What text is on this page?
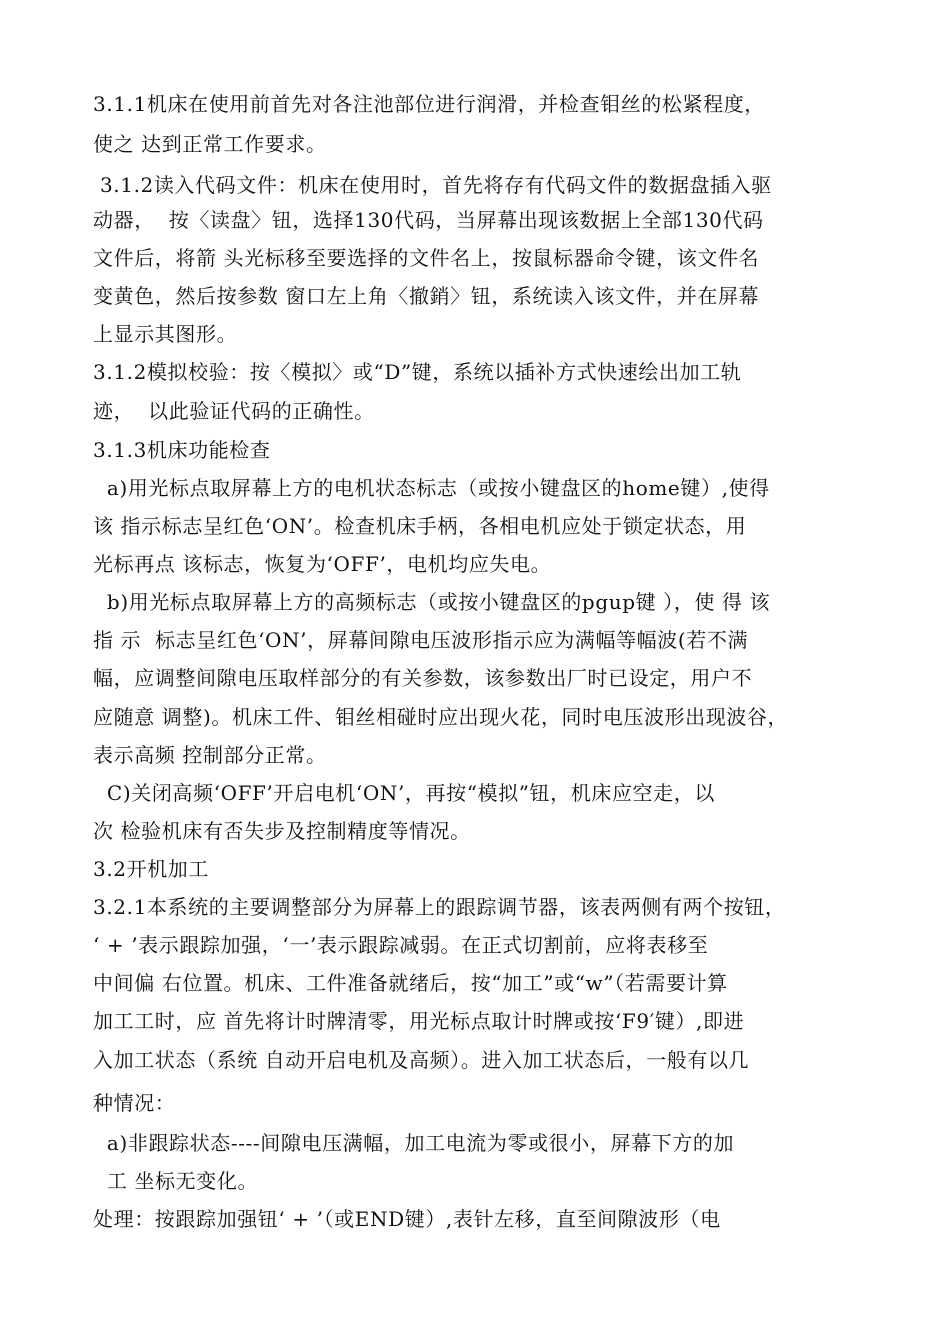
3.1.1机床在使用前首先对各注池部位进行润滑，并检查钼丝的松紧程度，
使之 达到正常工作要求。
3.1.2读入代码文件：机床在使用时，首先将存有代码文件的数据盘插入驱
动器，  按〈读盘〉钮，选择130代码，当屏幕出现该数据上全部130代码
文件后，将箭 头光标移至要选择的文件名上，按鼠标器命令键，该文件名
变黄色，然后按参数 窗口左上角〈撤銷〉钮，系统读入该文件，并在屏幕
上显示其图形。
3.1.2模拟校验：按〈模拟〉或“D”键，系统以插补方式快速绘出加工轨
迹，  以此验证代码的正确性。
3.1.3机床功能检查
a)用光标点取屏幕上方的电机状态标志（或按小键盘区的home键）,使得
该 指示标志呈红色‘ON’。检查机床手柄，各相电机应处于锁定状态，用
光标再点 该标志，恢复为‘OFF’，电机均应失电。
b)用光标点取屏幕上方的高频标志（或按小键盘区的pgup键 ），使 得 该
指 示  标志呈红色‘ON’，屏幕间隙电压波形指示应为满幅等幅波(若不满
幅，应调整间隙电压取样部分的有关参数，该参数出厂时已设定，用户不
应随意 调整)。机床工件、钼丝相碰时应出现火花，同时电压波形出现波谷，
表示高频 控制部分正常。
C)关闭高频‘OFF’开启电机‘ON’，再按“模拟”钮，机床应空走，以
次 检验机床有否失步及控制精度等情况。
3.2开机加工
3.2.1本系统的主要调整部分为屏幕上的跟踪调节器，该表两侧有两个按钮，
‘ + ’表示跟踪加强，‘一’表示跟踪减弱。在正式切割前，应将表移至
中间偏 右位置。机床、工件准备就绪后，按“加工”或“w”（若需要计算
加工工时，应 首先将计时牌清零，用光标点取计时牌或按‘F9′键）,即进
入加工状态（系统 自动开启电机及高频）。进入加工状态后，一般有以几
种情况：
a)非跟踪状态----间隙电压满幅，加工电流为零或很小，屏幕下方的加
工 坐标无变化。
处理：按跟踪加强钮‘ + ’（或END键）,表针左移，直至间隙波形（电
